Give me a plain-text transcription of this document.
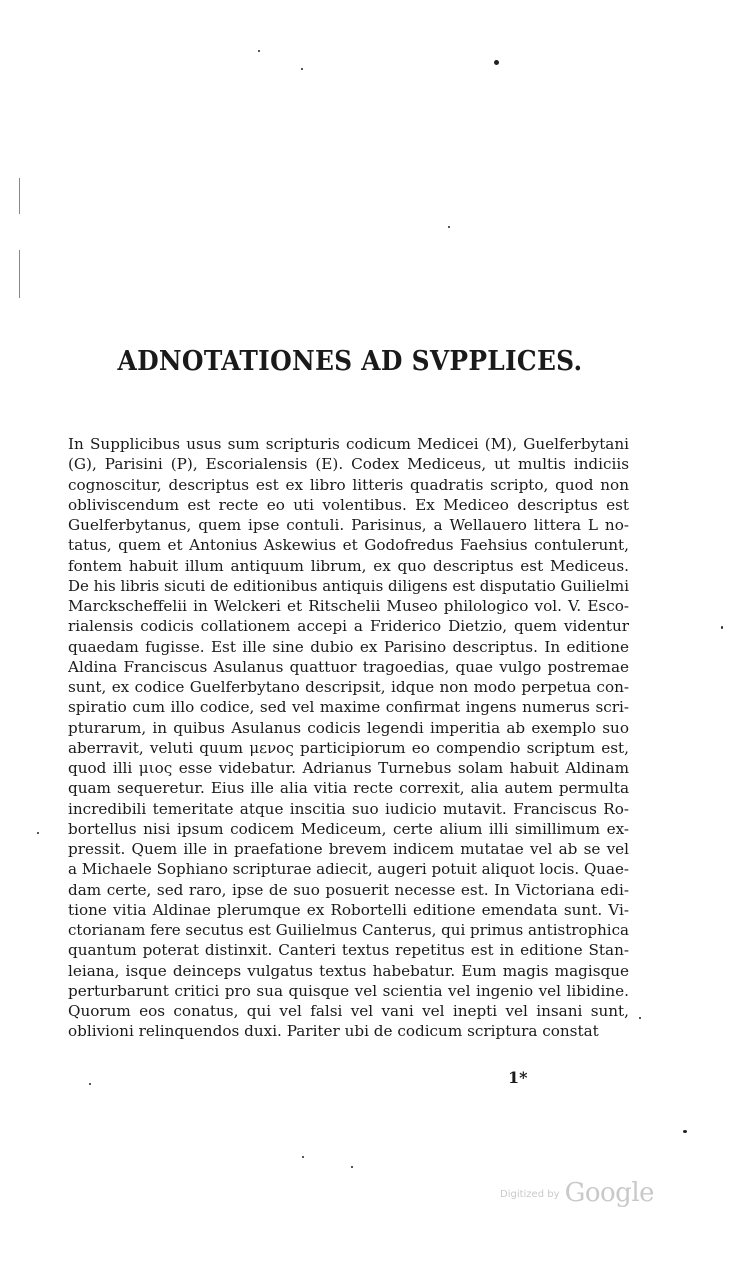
ADNOTATIONES AD SVPPLICES.
In Supplicibus usus sum scripturis codicum Medicei (M), Guelferbytani
(G), Parisini (P), Escorialensis (E). Codex Mediceus, ut multis indiciis
cognoscitur, descriptus est ex libro litteris quadratis scripto, quod non
obliviscendum est recte eo uti volentibus. Ex Mediceo descriptus est
Guelferbytanus, quem ipse contuli. Parisinus, a Wellauero littera L no-
tatus, quem et Antonius Askewius et Godofredus Faehsius contulerunt,
fontem habuit illum antiquum librum, ex quo descriptus est Mediceus.
De his libris sicuti de editionibus antiquis diligens est disputatio Guilielmi
Marckscheffelii in Welckeri et Ritschelii Museo philologico vol. V. Esco-
rialensis codicis collationem accepi a Friderico Dietzio, quem videntur
quaedam fugisse. Est ille sine dubio ex Parisino descriptus. In editione
Aldina Franciscus Asulanus quattuor tragoedias, quae vulgo postremae
sunt, ex codice Guelferbytano descripsit, idque non modo perpetua con-
spiratio cum illo codice, sed vel maxime confirmat ingens numerus scri-
pturarum, in quibus Asulanus codicis legendi imperitia ab exemplo suo
aberravit, veluti quum μενος participiorum eo compendio scriptum est,
quod illi μιος esse videbatur. Adrianus Turnebus solam habuit Aldinam
quam sequeretur. Eius ille alia vitia recte correxit, alia autem permulta
incredibili temeritate atque inscitia suo iudicio mutavit. Franciscus Ro-
bortellus nisi ipsum codicem Mediceum, certe alium illi simillimum ex-
pressit. Quem ille in praefatione brevem indicem mutatae vel ab se vel
a Michaele Sophiano scripturae adiecit, augeri potuit aliquot locis. Quae-
dam certe, sed raro, ipse de suo posuerit necesse est. In Victoriana edi-
tione vitia Aldinae plerumque ex Robortelli editione emendata sunt. Vi-
ctorianam fere secutus est Guilielmus Canterus, qui primus antistrophica
quantum poterat distinxit. Canteri textus repetitus est in editione Stan-
leiana, isque deinceps vulgatus textus habebatur. Eum magis magisque
perturbarunt critici pro sua quisque vel scientia vel ingenio vel libidine.
Quorum eos conatus, qui vel falsi vel vani vel inepti vel insani sunt,
oblivioni relinquendos duxi. Pariter ubi de codicum scriptura constat
1*
$^{Digitized by}$ Google
